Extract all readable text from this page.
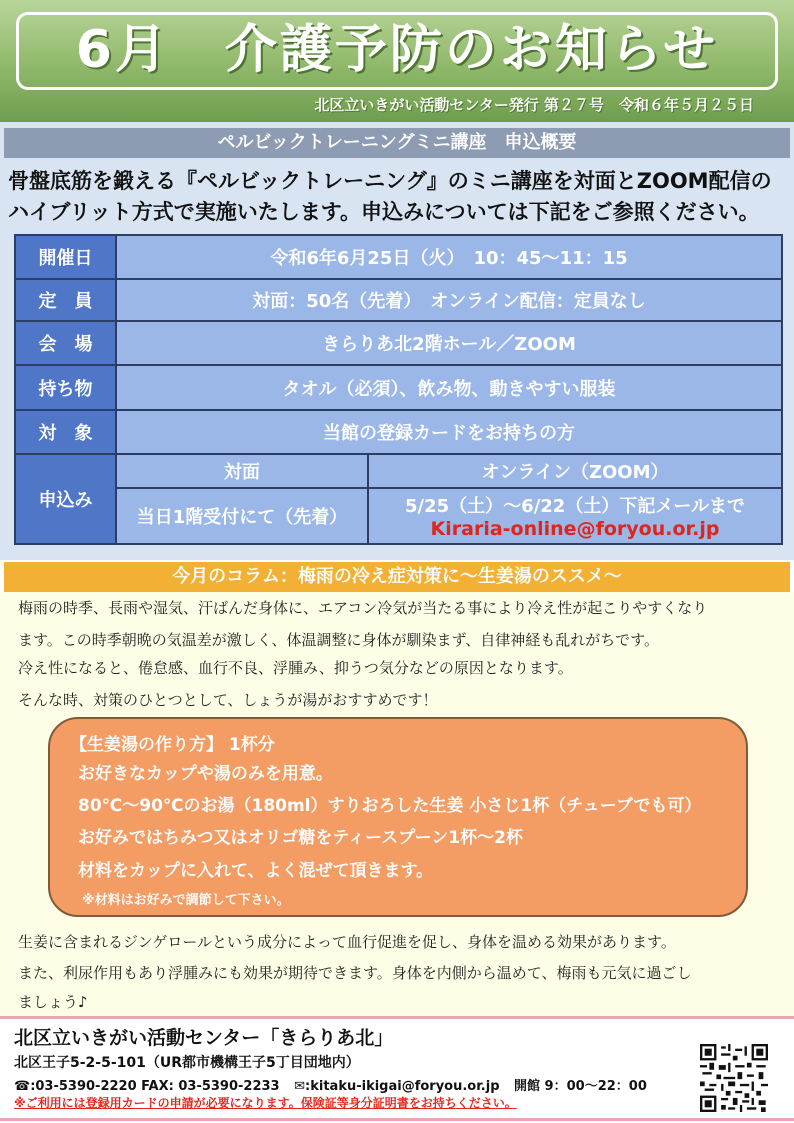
6月　介護予防のお知らせ
北区立いきがい活動センター発行 第２７号　令和６年５月２５日
ペルビックトレーニングミニ講座　申込概要
骨盤底筋を鍛える『ペルビックトレーニング』のミニ講座を対面とZOOM配信の
ハイブリット方式で実施いたします。申込みについては下記をご参照ください。
開催日	令和6年6月25日（火）　10：45～11：15	
定　員	対面：50名（先着）　オンライン配信：定員なし	
会　場	きらりあ北2階ホール／ZOOM	
持ち物	タオル（必須）、飲み物、動きやすい服装	
対　象	当館の登録カードをお持ちの方	
申込み	対面	オンライン（ZOOM）
	当日1階受付にて（先着）	5/25（土）～6/22（土）下記メールまで
Kiraria-online@foryou.or.jp
今月のコラム：梅雨の冷え症対策に～生姜湯のススメ～
梅雨の時季、長雨や湿気、汗ばんだ身体に、エアコン冷気が当たる事により冷え性が起こりやすくなり
ます。この時季朝晩の気温差が激しく、体温調整に身体が馴染まず、自律神経も乱れがちです。
冷え性になると、倦怠感、血行不良、浮腫み、抑うつ気分などの原因となります。
そんな時、対策のひとつとして、しょうが湯がおすすめです！
【生姜湯の作り方】 1杯分
お好きなカップや湯のみを用意。
80℃～90℃のお湯（180ml）すりおろした生姜 小さじ1杯（チューブでも可）
お好みではちみつ又はオリゴ糖をティースプーン1杯～2杯
材料をカップに入れて、よく混ぜて頂きます。
※材料はお好みで調節して下さい。
生姜に含まれるジンゲロールという成分によって血行促進を促し、身体を温める効果があります。
また、利尿作用もあり浮腫みにも効果が期待できます。身体を内側から温めて、梅雨も元気に過ごし
ましょう♪
北区立いきがい活動センター「きらりあ北」
北区王子5-2-5-101（UR都市機構王子5丁目団地内）
☎:03-5390-2220 FAX: 03-5390-2233 ✉:kitaku-ikigai@foryou.or.jp 開館 9：00～22：00
※ご利用には登録用カードの申請が必要になります。保険証等身分証明書をお持ちください。
